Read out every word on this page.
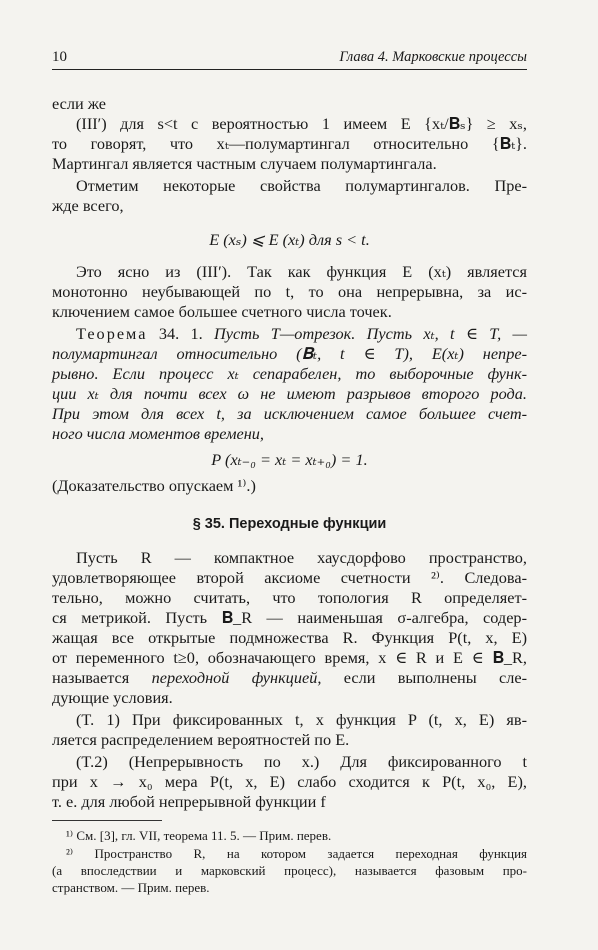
10	Глава 4. Марковские процессы
если же
(III′) для s<t с вероятностью 1 имеем E {xₜ/𝐁ₛ} ≥ xₛ,
то говорят, что xₜ—полумартингал относительно {𝐁ₜ}.
Мартингал является частным случаем полумартингала.
Отметим некоторые свойства полумартингалов. Пре-
жде всего,
E (xₛ) ⩽ E (xₜ) для s < t.
Это ясно из (III′). Так как функция E (xₜ) является
монотонно неубывающей по t, то она непрерывна, за ис-
ключением самое большее счетного числа точек.
Теорема 34. 1. Пусть T—отрезок. Пусть xₜ, t ∈ T, —
полумартингал относительно (𝐁ₜ, t ∈ T), E(xₜ) непре-
рывно. Если процесс xₜ сепарабелен, то выборочные функ-
ции xₜ для почти всех ω не имеют разрывов второго рода.
При этом для всех t, за исключением самое большее счет-
ного числа моментов времени,
P (xₜ₋₀ = xₜ = xₜ₊₀) = 1.
(Доказательство опускаем ¹⁾.)
§ 35. Переходные функции
Пусть R — компактное хаусдорфово пространство,
удовлетворяющее второй аксиоме счетности ²⁾. Следова-
тельно, можно считать, что топология R определяет-
ся метрикой. Пусть 𝐁_R — наименьшая σ-алгебра, содер-
жащая все открытые подмножества R. Функция P(t, x, E)
от переменного t≥0, обозначающего время, x ∈ R и E ∈ 𝐁_R,
называется переходной функцией, если выполнены сле-
дующие условия.
(T. 1) При фиксированных t, x функция P (t, x, E) яв-
ляется распределением вероятностей по E.
(T.2) (Непрерывность по x.) Для фиксированного t
при x → x₀ мера P(t, x, E) слабо сходится к P(t, x₀, E),
т. е. для любой непрерывной функции f
¹⁾ См. [3], гл. VII, теорема 11. 5. — Прим. перев.
²⁾ Пространство R, на котором задается переходная функция
(а впоследствии и марковский процесс), называется фазовым про-
странством. — Прим. перев.
